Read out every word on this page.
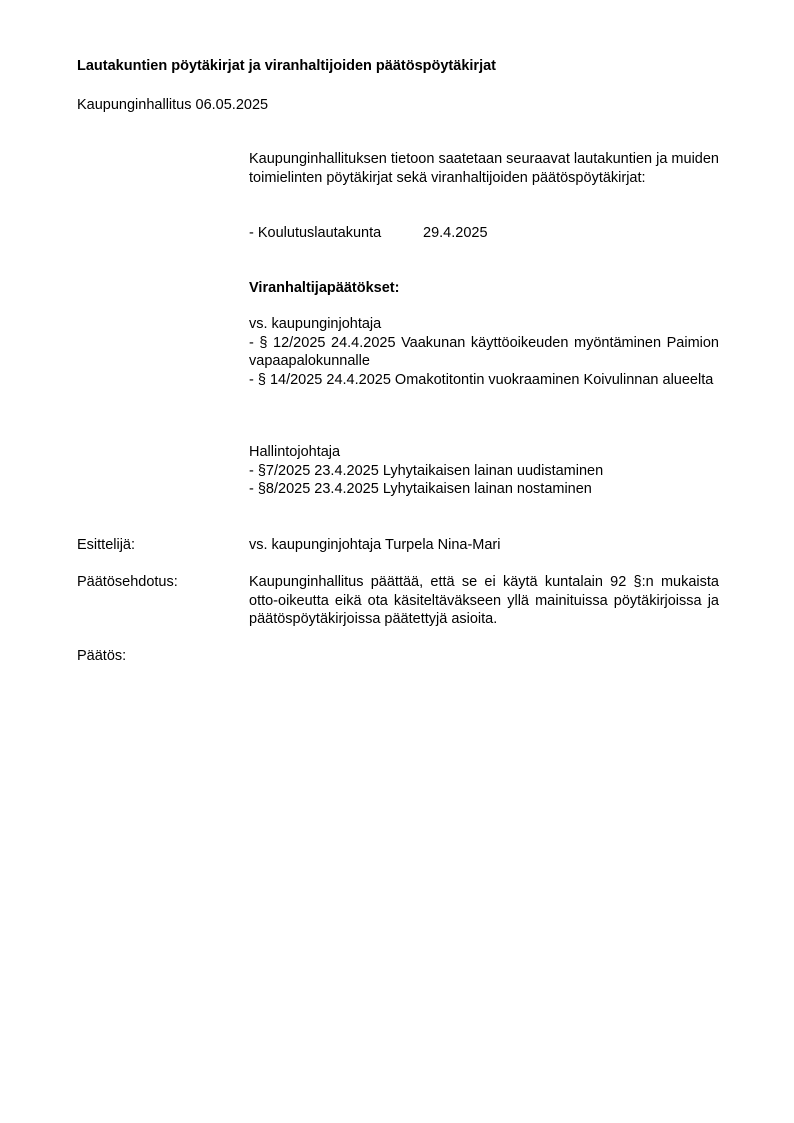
Lautakuntien pöytäkirjat ja viranhaltijoiden päätöspöytäkirjat
Kaupunginhallitus 06.05.2025
Kaupunginhallituksen tietoon saatetaan seuraavat lautakuntien ja muiden toimielinten pöytäkirjat sekä viranhaltijoiden päätöspöytäkirjat:
- Koulutuslautakunta	29.4.2025
Viranhaltijapäätökset:
vs. kaupunginjohtaja
- § 12/2025 24.4.2025 Vaakunan käyttöoikeuden myöntäminen Paimion vapaapalokunnalle
- § 14/2025 24.4.2025 Omakotitontin vuokraaminen Koivulinnan alueelta
Hallintojohtaja
- §7/2025 23.4.2025 Lyhytaikaisen lainan uudistaminen
- §8/2025 23.4.2025 Lyhytaikaisen lainan nostaminen
Esittelijä:	vs. kaupunginjohtaja Turpela Nina-Mari
Päätösehdotus:	Kaupunginhallitus päättää, että se ei käytä kuntalain 92 §:n mukaista otto-oikeutta eikä ota käsiteltäväkseen yllä mainituissa pöytäkirjoissa ja päätöspöytäkirjoissa päätettyjä asioita.
Päätös:
